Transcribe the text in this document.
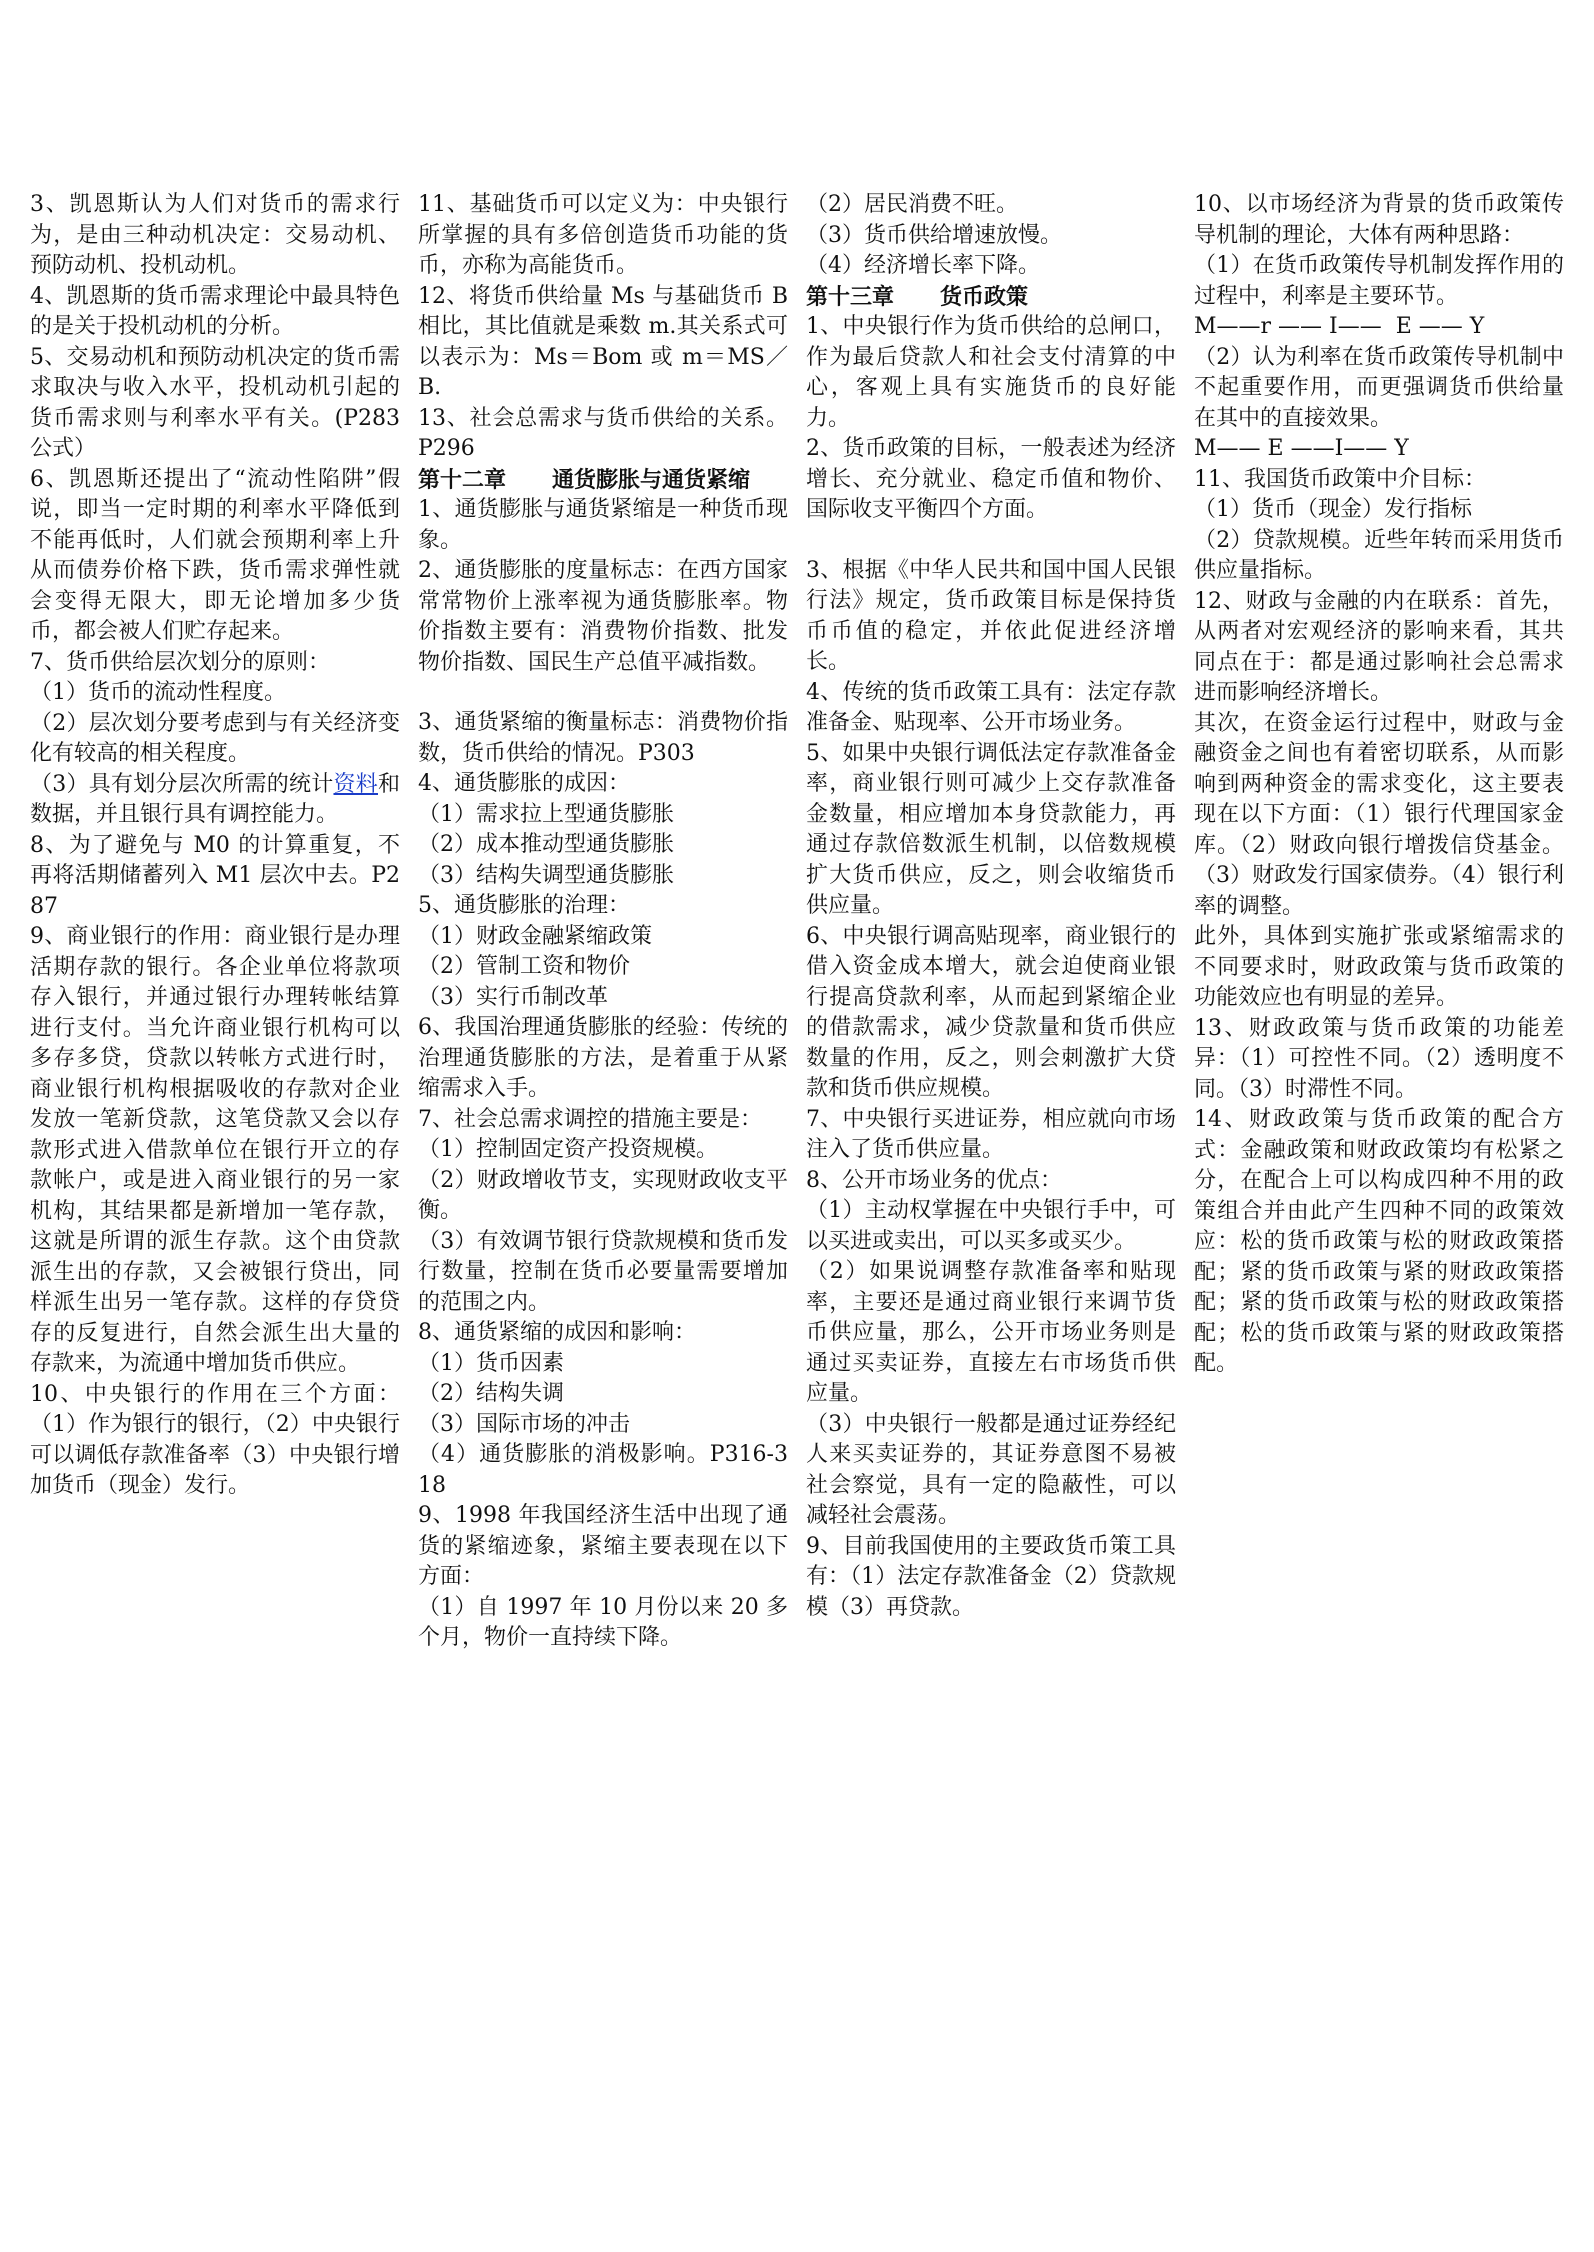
3、凯恩斯认为人们对货币的需求行为，是由三种动机决定：交易动机、预防动机、投机动机。

4、凯恩斯的货币需求理论中最具特色的是关于投机动机的分析。

5、交易动机和预防动机决定的货币需求取决与收入水平，投机动机引起的货币需求则与利率水平有关。(P283公式）

6、凯恩斯还提出了“流动性陷阱”假说，即当一定时期的利率水平降低到不能再低时，人们就会预期利率上升从而债券价格下跌，货币需求弹性就会变得无限大，即无论增加多少货币，都会被人们贮存起来。

7、货币供给层次划分的原则：

（1）货币的流动性程度。

（2）层次划分要考虑到与有关经济变化有较高的相关程度。

（3）具有划分层次所需的统计资料和数据，并且银行具有调控能力。

8、为了避免与 M0 的计算重复，不再将活期储蓄列入 M1 层次中去。P287

9、商业银行的作用：商业银行是办理活期存款的银行。各企业单位将款项存入银行，并通过银行办理转帐结算进行支付。当允许商业银行机构可以多存多贷，贷款以转帐方式进行时，商业银行机构根据吸收的存款对企业发放一笔新贷款，这笔贷款又会以存款形式进入借款单位在银行开立的存款帐户，或是进入商业银行的另一家机构，其结果都是新增加一笔存款，这就是所谓的派生存款。这个由贷款派生出的存款，又会被银行贷出，同样派生出另一笔存款。这样的存贷贷存的反复进行，自然会派生出大量的存款来，为流通中增加货币供应。

10、中央银行的作用在三个方面：（1）作为银行的银行，（2）中央银行可以调低存款准备率（3）中央银行增加货币（现金）发行。

11、基础货币可以定义为：中央银行所掌握的具有多倍创造货币功能的货币，亦称为高能货币。

12、将货币供给量 Ms 与基础货币 B 相比，其比值就是乘数 m.其关系式可以表示为：Ms＝Bom 或 m＝MS／B.

13、社会总需求与货币供给的关系。  P296

第十二章      通货膨胀与通货紧缩

1、通货膨胀与通货紧缩是一种货币现象。

2、通货膨胀的度量标志：在西方国家常常物价上涨率视为通货膨胀率。物价指数主要有：消费物价指数、批发物价指数、国民生产总值平减指数。

3、通货紧缩的衡量标志：消费物价指数，货币供给的情况。P303

4、通货膨胀的成因：

（1）需求拉上型通货膨胀

（2）成本推动型通货膨胀

（3）结构失调型通货膨胀

5、通货膨胀的治理：

（1）财政金融紧缩政策

（2）管制工资和物价

（3）实行币制改革

6、我国治理通货膨胀的经验：传统的治理通货膨胀的方法，是着重于从紧缩需求入手。

7、社会总需求调控的措施主要是：

（1）控制固定资产投资规模。

（2）财政增收节支，实现财政收支平衡。

（3）有效调节银行贷款规模和货币发行数量，控制在货币必要量需要增加的范围之内。

8、通货紧缩的成因和影响：

（1）货币因素

（2）结构失调

（3）国际市场的冲击

（4）通货膨胀的消极影响。P316-318

9、1998 年我国经济生活中出现了通货的紧缩迹象，紧缩主要表现在以下方面：

（1）自 1997 年 10 月份以来 20 多个月，物价一直持续下降。

（2）居民消费不旺。

（3）货币供给增速放慢。

（4）经济增长率下降。

第十三章      货币政策

1、中央银行作为货币供给的总闸口，作为最后贷款人和社会支付清算的中心，客观上具有实施货币的良好能力。

2、货币政策的目标，一般表述为经济增长、充分就业、稳定币值和物价、国际收支平衡四个方面。

3、根据《中华人民共和国中国人民银行法》规定，货币政策目标是保持货币币值的稳定，并依此促进经济增长。

4、传统的货币政策工具有：法定存款准备金、贴现率、公开市场业务。

5、如果中央银行调低法定存款准备金率，商业银行则可减少上交存款准备金数量，相应增加本身贷款能力，再通过存款倍数派生机制，以倍数规模扩大货币供应，反之，则会收缩货币供应量。

6、中央银行调高贴现率，商业银行的借入资金成本增大，就会迫使商业银行提高贷款利率，从而起到紧缩企业的借款需求，减少贷款量和货币供应数量的作用，反之，则会刺激扩大贷款和货币供应规模。

7、中央银行买进证券，相应就向市场注入了货币供应量。

8、公开市场业务的优点：

（1）主动权掌握在中央银行手中，可以买进或卖出，可以买多或买少。

（2）如果说调整存款准备率和贴现率，主要还是通过商业银行来调节货币供应量，那么，公开市场业务则是通过买卖证券，直接左右市场货币供应量。

（3）中央银行一般都是通过证券经纪人来买卖证券的，其证券意图不易被社会察觉，具有一定的隐蔽性，可以减轻社会震荡。

9、目前我国使用的主要政货币策工具有：（1）法定存款准备金（2）贷款规模（3）再贷款。

10、以市场经济为背景的货币政策传导机制的理论，大体有两种思路：

（1）在货币政策传导机制发挥作用的过程中，利率是主要环节。

M——r —— I——  E —— Y

（2）认为利率在货币政策传导机制中不起重要作用，而更强调货币供给量在其中的直接效果。

M—— E ——I—— Y

11、我国货币政策中介目标：

（1）货币（现金）发行指标

（2）贷款规模。近些年转而采用货币供应量指标。

12、财政与金融的内在联系：首先，从两者对宏观经济的影响来看，其共同点在于：都是通过影响社会总需求进而影响经济增长。

其次，在资金运行过程中，财政与金融资金之间也有着密切联系，从而影响到两种资金的需求变化，这主要表现在以下方面：（1）银行代理国家金库。（2）财政向银行增拨信贷基金。（3）财政发行国家债券。（4）银行利率的调整。

此外，具体到实施扩张或紧缩需求的不同要求时，财政政策与货币政策的功能效应也有明显的差异。

13、财政政策与货币政策的功能差异：（1）可控性不同。（2）透明度不同。（3）时滞性不同。

14、财政政策与货币政策的配合方式：金融政策和财政政策均有松紧之分，在配合上可以构成四种不用的政策组合并由此产生四种不同的政策效应：松的货币政策与松的财政政策搭配；紧的货币政策与紧的财政政策搭配；紧的货币政策与松的财政政策搭配；松的货币政策与紧的财政政策搭配。
